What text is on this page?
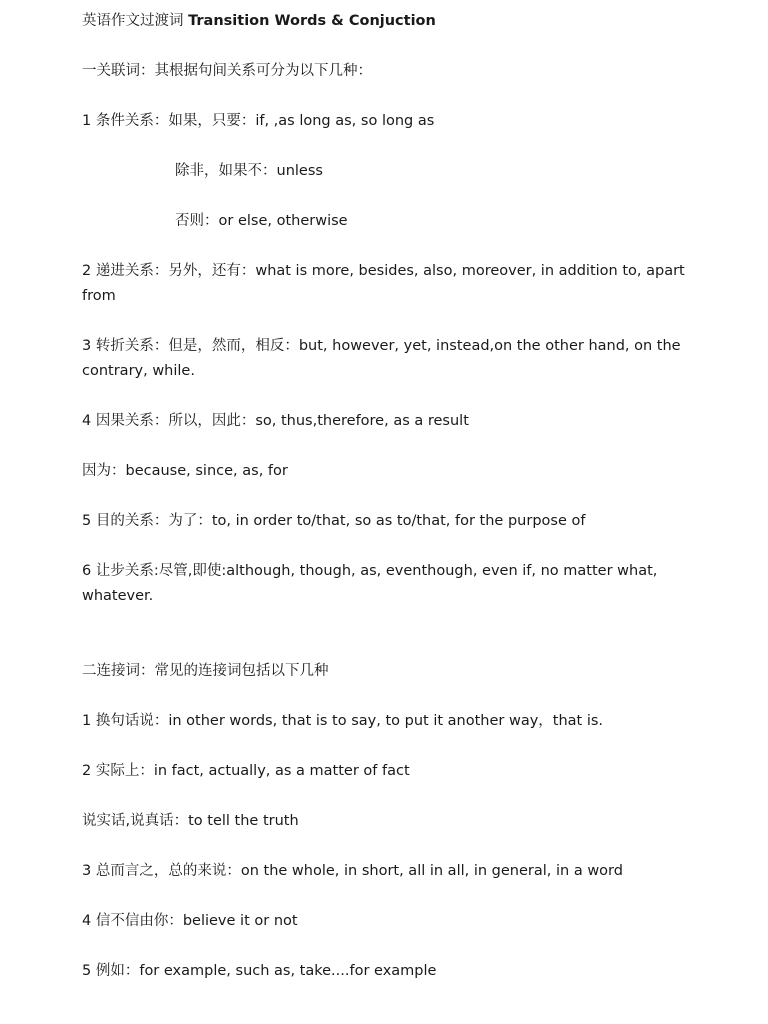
英语作文过渡词 Transition Words & Conjuction
一关联词：其根据句间关系可分为以下几种：
1 条件关系：如果，只要：if, ,as long as, so long as
除非，如果不：unless
否则：or else, otherwise
2 递进关系：另外，还有：what is more, besides, also, moreover, in addition to, apart from
3 转折关系：但是，然而，相反：but, however, yet, instead,on the other hand, on the contrary, while.
4 因果关系：所以，因此：so, thus,therefore, as a result
因为：because, since, as, for
5 目的关系：为了：to, in order to/that, so as to/that, for the purpose of
6 让步关系:尽管,即使:although, though, as, eventhough, even if, no matter what, whatever.
二连接词：常见的连接词包括以下几种
1 换句话说：in other words, that is to say, to put it another way，that is.
2 实际上：in fact, actually, as a matter of fact
说实话,说真话：to tell the truth
3 总而言之，总的来说：on the whole, in short, all in all, in general, in a word
4 信不信由你：believe it or not
5 例如：for example, such as, take....for example
